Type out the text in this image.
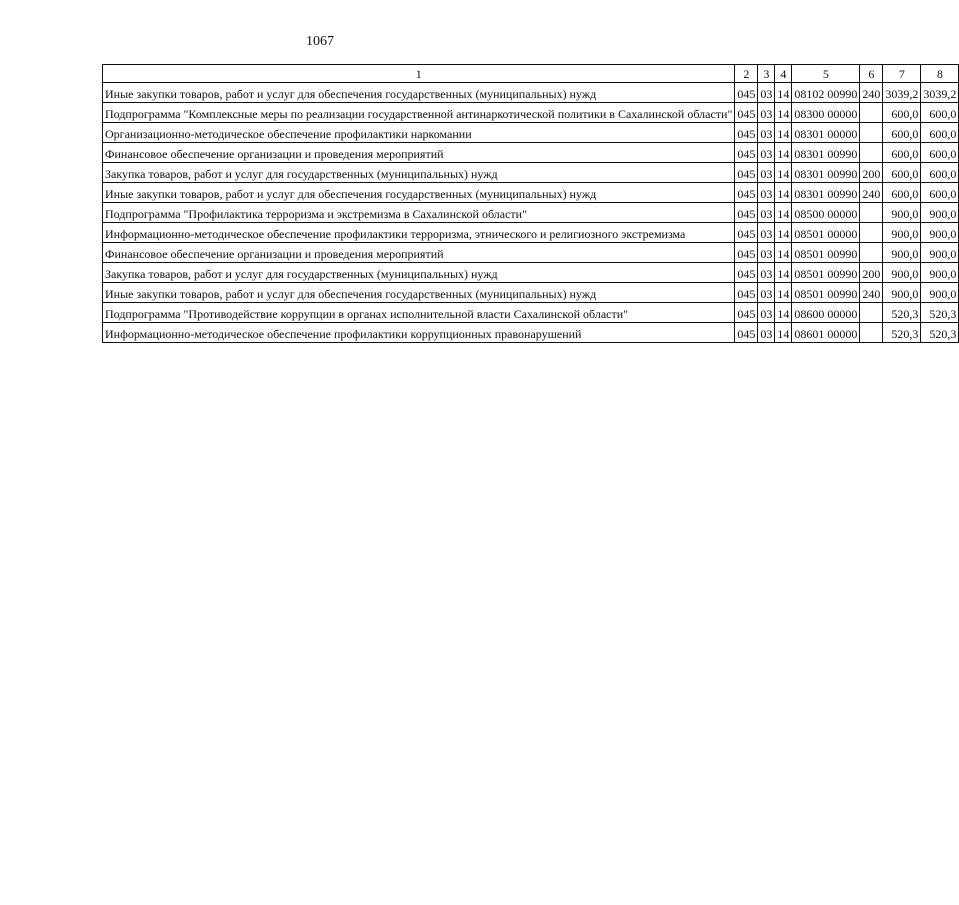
1067
1	2	3	4	5	6	7	8
Иные закупки товаров, работ и услуг для обеспечения государственных (муниципальных) нужд	045	03	14	08102 00990	240	3039,2	3039,2
Подпрограмма "Комплексные меры по реализации государственной антинаркотической политики в Сахалинской области"	045	03	14	08300 00000		600,0	600,0
Организационно-методическое обеспечение профилактики наркомании	045	03	14	08301 00000		600,0	600,0
Финансовое обеспечение организации и проведения мероприятий	045	03	14	08301 00990		600,0	600,0
Закупка товаров, работ и услуг для государственных (муниципальных) нужд	045	03	14	08301 00990	200	600,0	600,0
Иные закупки товаров, работ и услуг для обеспечения государственных (муниципальных) нужд	045	03	14	08301 00990	240	600,0	600,0
Подпрограмма "Профилактика терроризма и экстремизма в Сахалинской области"	045	03	14	08500 00000		900,0	900,0
Информационно-методическое обеспечение профилактики терроризма, этнического и религиозного экстремизма	045	03	14	08501 00000		900,0	900,0
Финансовое обеспечение организации и проведения мероприятий	045	03	14	08501 00990		900,0	900,0
Закупка товаров, работ и услуг для государственных (муниципальных) нужд	045	03	14	08501 00990	200	900,0	900,0
Иные закупки товаров, работ и услуг для обеспечения государственных (муниципальных) нужд	045	03	14	08501 00990	240	900,0	900,0
Подпрограмма "Противодействие коррупции в органах исполнительной власти Сахалинской области"	045	03	14	08600 00000		520,3	520,3
Информационно-методическое обеспечение профилактики коррупционных правонарушений	045	03	14	08601 00000		520,3	520,3
